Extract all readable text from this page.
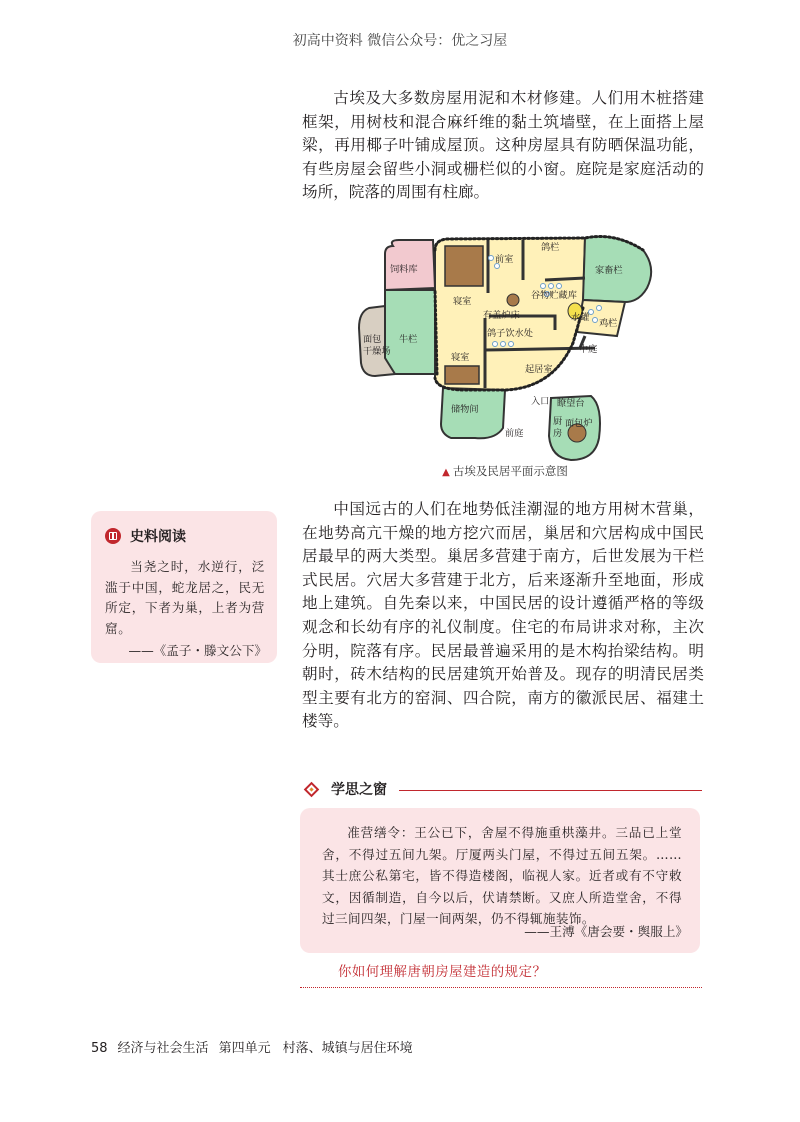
初高中资料 微信公众号：优之习屋

古埃及大多数房屋用泥和木材修建。人们用木桩搭建框架，用树枝和混合麻纤维的黏土筑墙壁，在上面搭上屋梁，再用椰子叶铺成屋顶。这种房屋具有防晒保温功能，有些房屋会留些小洞或栅栏似的小窗。庭院是家庭活动的场所，院落的周围有柱廊。

饲料库
前室
鸽栏
家畜栏
寝室
谷物贮藏库
面包
干燥场
牛栏
有盖炉床	水罐
鸡栏
鸽子饮水处
中庭
寝室
起居室
入口
储物间
瞭望台
前庭
厨
房
面包炉
▲ 古埃及民居平面示意图
史料阅读

当尧之时，水逆行，泛滥于中国，蛇龙居之，民无所定，下者为巢，上者为营窟。

——《孟子・滕文公下》

中国远古的人们在地势低洼潮湿的地方用树木营巢，在地势高亢干燥的地方挖穴而居，巢居和穴居构成中国民居最早的两大类型。巢居多营建于南方，后世发展为干栏式民居。穴居大多营建于北方，后来逐渐升至地面，形成地上建筑。自先秦以来，中国民居的设计遵循严格的等级观念和长幼有序的礼仪制度。住宅的布局讲求对称，主次分明，院落有序。民居最普遍采用的是木构抬梁结构。明朝时，砖木结构的民居建筑开始普及。现存的明清民居类型主要有北方的窑洞、四合院，南方的徽派民居、福建土楼等。

学思之窗

准营缮令：王公已下，舍屋不得施重栱藻井。三品已上堂舍，不得过五间九架。厅厦两头门屋，不得过五间五架。……其士庶公私第宅，皆不得造楼阁，临视人家。近者或有不守敕文，因循制造，自今以后，伏请禁断。又庶人所造堂舍，不得过三间四架，门屋一间两架，仍不得辄施装饰。

——王溥《唐会要・舆服上》
你如何理解唐朝房屋建造的规定？
58 经济与社会生活 第四单元 村落、城镇与居住环境
